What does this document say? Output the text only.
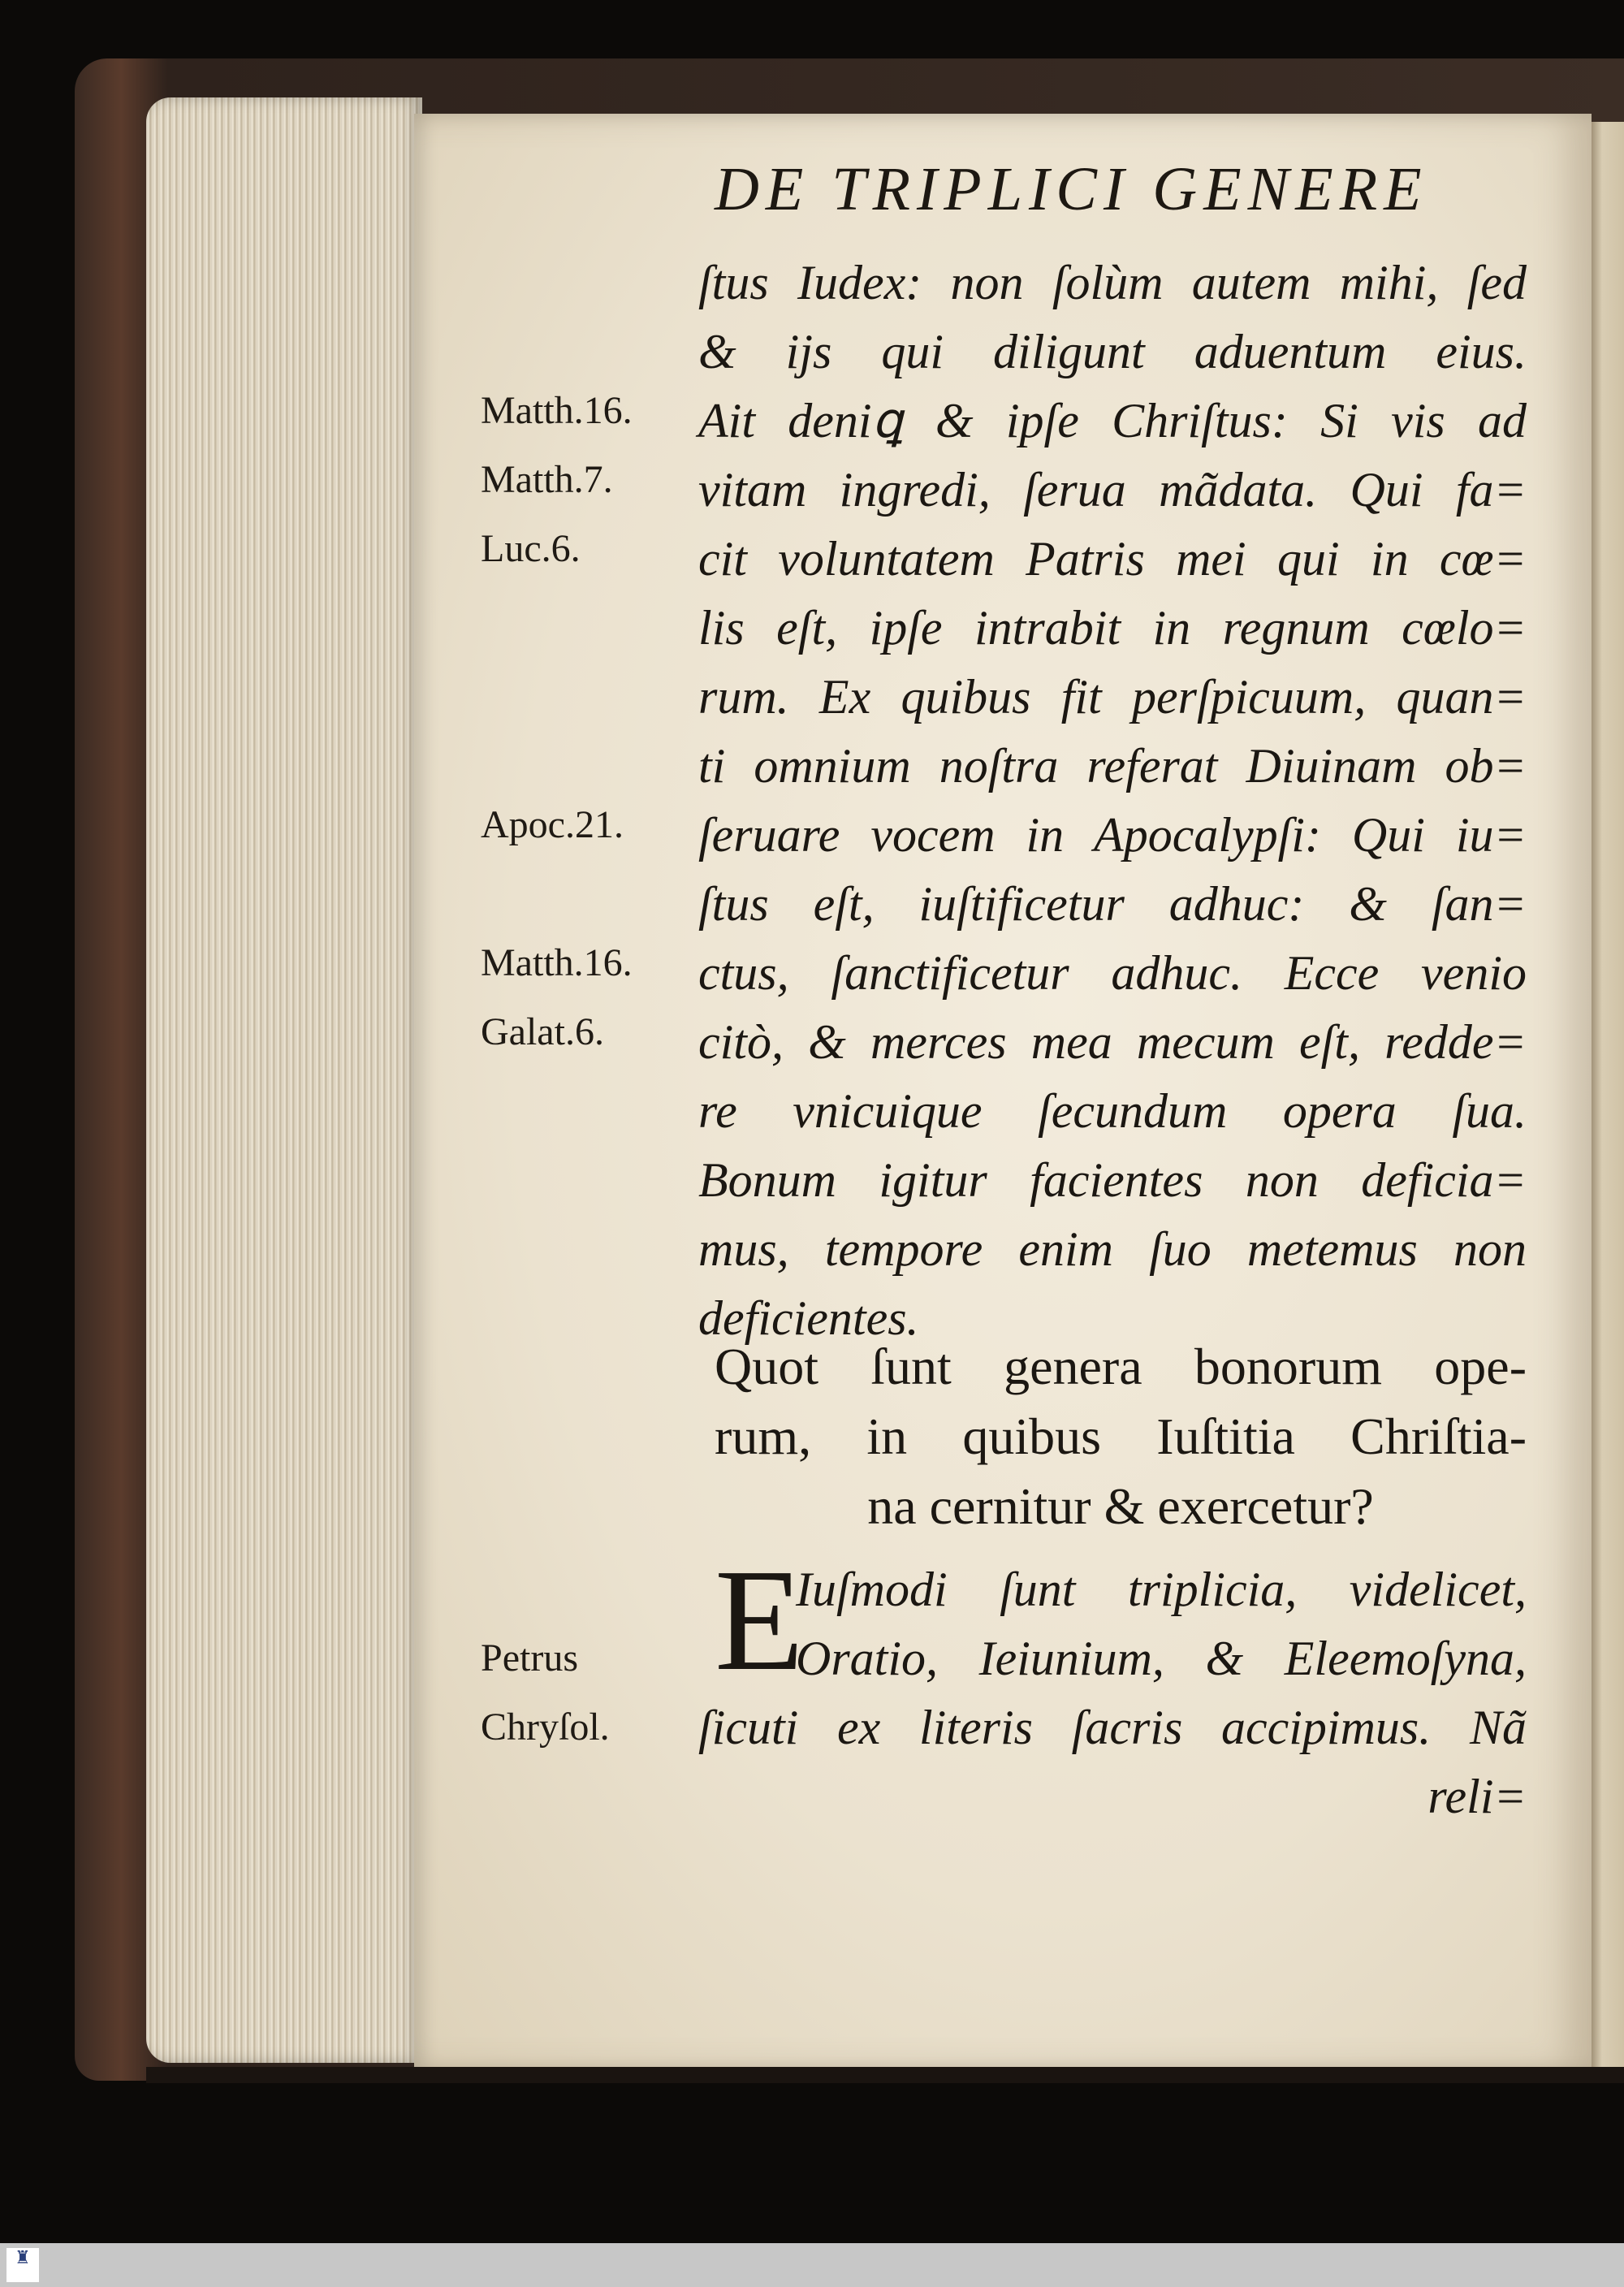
DE TRIPLICI GENERE
ſtus Iudex: non ſolùm autem mihi, ſed
& ijs qui diligunt aduentum eius.
Ait deniꝗ & ipſe Chriſtus: Si vis ad
vitam ingredi, ſerua mãdata. Qui fa=
cit voluntatem Patris mei qui in cœ=
lis eſt, ipſe intrabit in regnum cœlo=
rum. Ex quibus fit perſpicuum, quan=
ti omnium noſtra referat Diuinam ob=
ſeruare vocem in Apocalypſi: Qui iu=
ſtus eſt, iuſtificetur adhuc: & ſan=
ctus, ſanctificetur adhuc. Ecce venio
citò, & merces mea mecum eſt, redde=
re vnicuique ſecundum opera ſua.
Bonum igitur facientes non deficia=
mus, tempore enim ſuo metemus non
deficientes.
Matth.16.
Matth.7.
Luc.6.
Apoc.21.
Matth.16.
Galat.6.
Quot ſunt genera bonorum ope-
rum, in quibus Iuſtitia Chriſtia-
na cernitur & exercetur?
E
Iuſmodi ſunt triplicia, videlicet,
Oratio, Ieiunium, & Eleemoſyna,
ſicuti ex literis ſacris accipimus. Nã
reli=
Petrus
Chryſol.
♜
